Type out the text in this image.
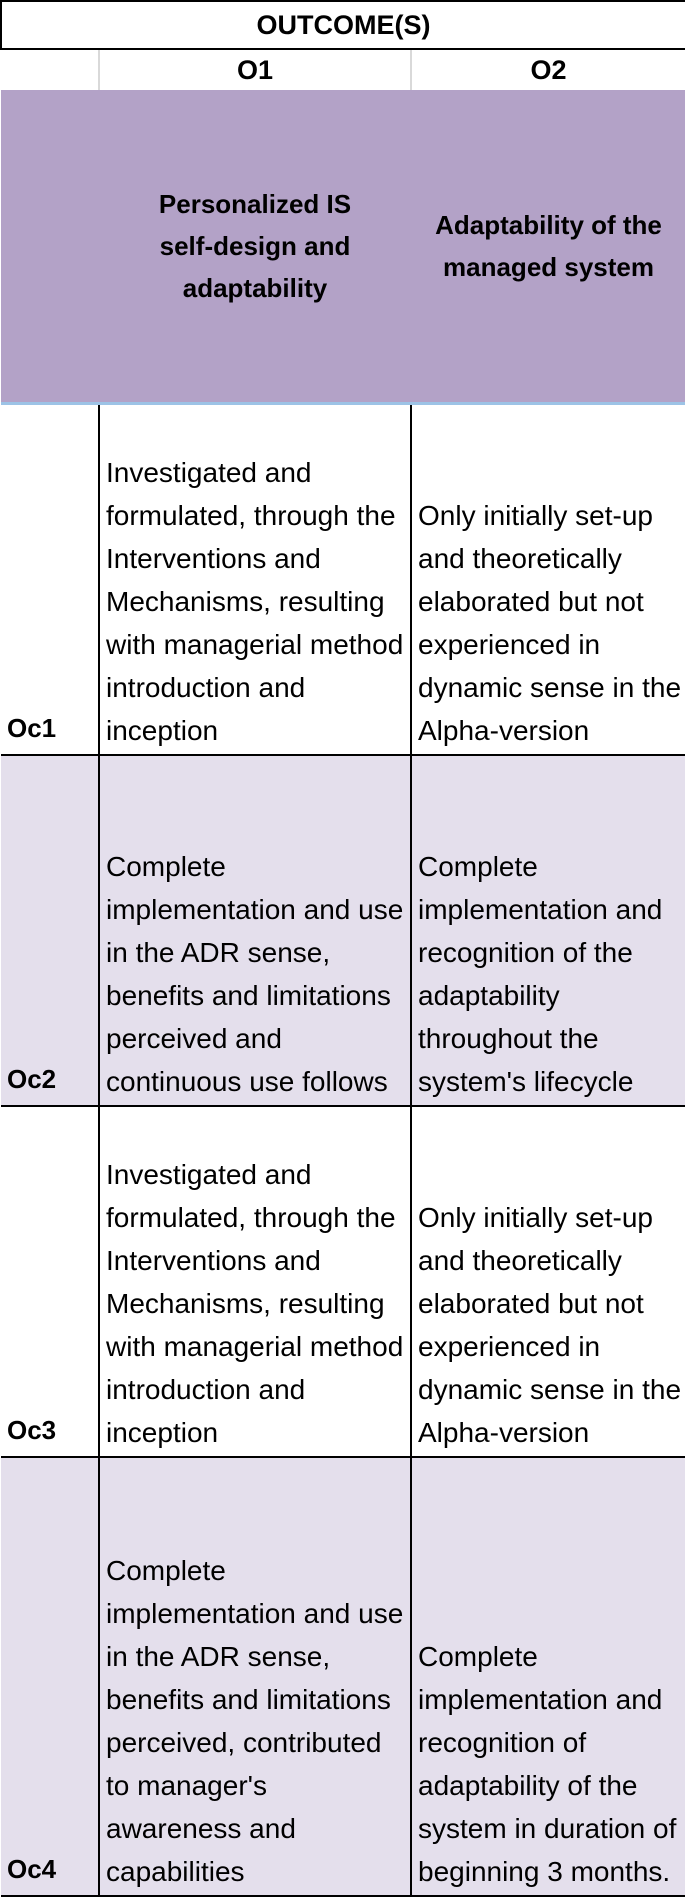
OUTCOME(S)		
	O1	O2

	Personalized IS self-design and adaptability	Adaptability of the managed system

Oc1	Investigated and formulated, through the Interventions and Mechanisms, resulting with managerial method introduction and inception	Only initially set-up and theoretically elaborated but not experienced in dynamic sense in the Alpha-version
Oc2	Complete implementation and use in the ADR sense, benefits and limitations perceived and continuous use follows	Complete implementation and recognition of the adaptability throughout the system's lifecycle
Oc3	Investigated and formulated, through the Interventions and Mechanisms, resulting with managerial method introduction and inception	Only initially set-up and theoretically elaborated but not experienced in dynamic sense in the Alpha-version
Oc4	Complete implementation and use in the ADR sense, benefits and limitations perceived, contributed to manager's awareness and capabilities	Complete implementation and recognition of adaptability of the system in duration of beginning 3 months.
